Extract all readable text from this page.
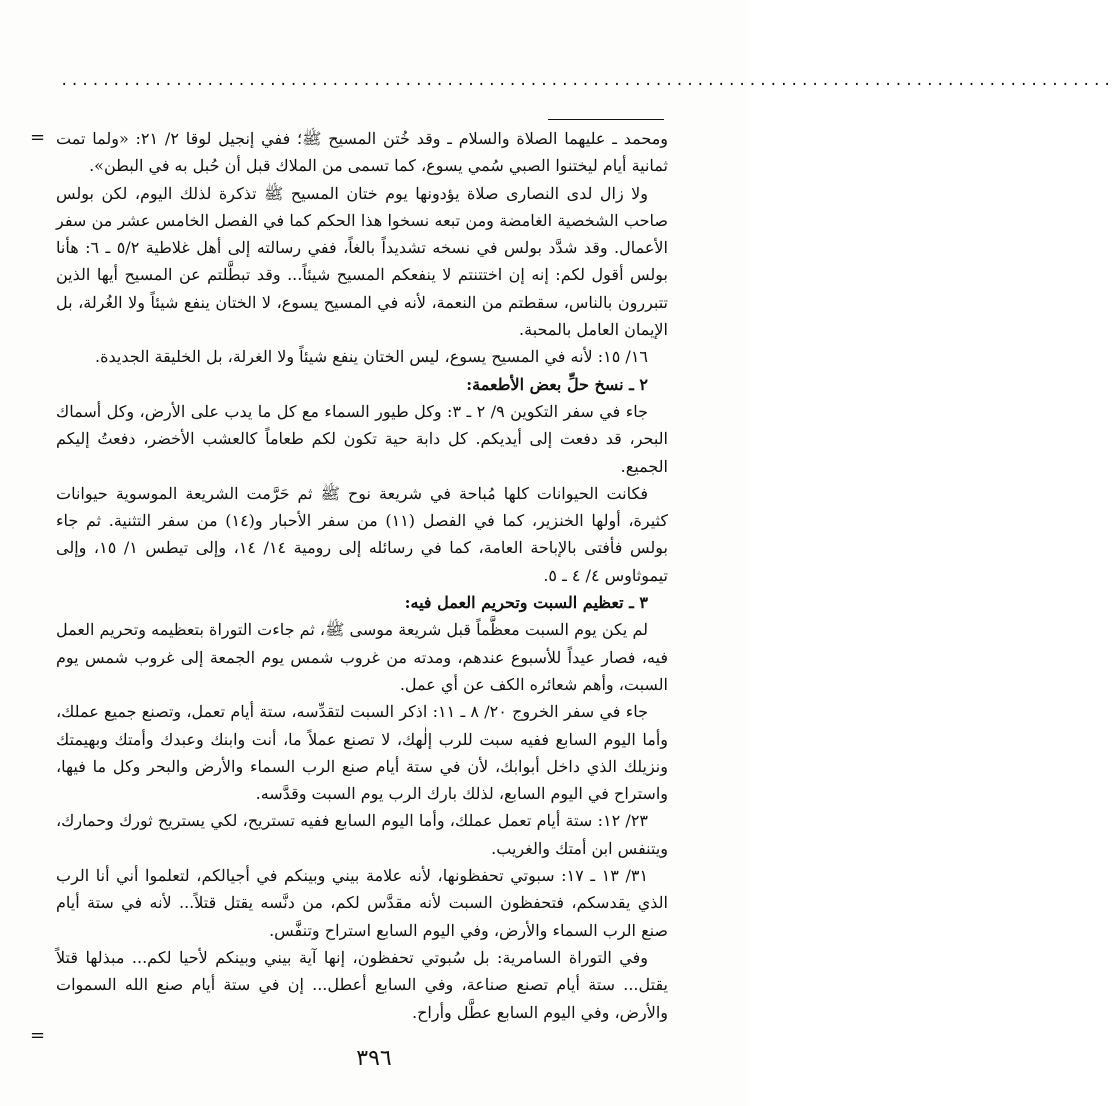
.....................................................................................................
= ومحمد ـ عليهما الصلاة والسلام ـ وقد خُتن المسيح ﷺ؛ ففي إنجيل لوقا ٢/ ٢١: «ولما تمت ثمانية أيام ليختنوا الصبي سُمي يسوع، كما تسمى من الملاك قبل أن حُبل به في البطن».

ولا زال لدى النصارى صلاة يؤدونها يوم ختان المسيح ﷺ تذكرة لذلك اليوم، لكن بولس صاحب الشخصية الغامضة ومن تبعه نسخوا هذا الحكم كما في الفصل الخامس عشر من سفر الأعمال. وقد شدَّد بولس في نسخه تشديداً بالغاً، ففي رسالته إلى أهل غلاطية ٥/٢ ـ ٦: هأنا بولس أقول لكم: إنه إن اختتنتم لا ينفعكم المسيح شيئاً... وقد تبطَّلتم عن المسيح أيها الذين تتبررون بالناس، سقطتم من النعمة، لأنه في المسيح يسوع، لا الختان ينفع شيئاً ولا الغُرلة، بل الإيمان العامل بالمحبة.

١٦/ ١٥: لأنه في المسيح يسوع، ليس الختان ينفع شيئاً ولا الغرلة، بل الخليقة الجديدة.

٢ ـ نسخ حلِّ بعض الأطعمة:

جاء في سفر التكوين ٩/ ٢ ـ ٣: وكل طيور السماء مع كل ما يدب على الأرض، وكل أسماك البحر، قد دفعت إلى أيديكم. كل دابة حية تكون لكم طعاماً كالعشب الأخضر، دفعتُ إليكم الجميع.

فكانت الحيوانات كلها مُباحة في شريعة نوح ﷺ ثم حَرَّمت الشريعة الموسوية حيوانات كثيرة، أولها الخنزير، كما في الفصل (١١) من سفر الأحبار و(١٤) من سفر التثنية. ثم جاء بولس فأفتى بالإباحة العامة، كما في رسائله إلى رومية ١٤/ ١٤، وإلى تيطس ١/ ١٥، وإلى تيموثاوس ٤/ ٤ ـ ٥.

٣ ـ تعظيم السبت وتحريم العمل فيه:

لم يكن يوم السبت معظَّماً قبل شريعة موسى ﷺ، ثم جاءت التوراة بتعظيمه وتحريم العمل فيه، فصار عيداً للأسبوع عندهم، ومدته من غروب شمس يوم الجمعة إلى غروب شمس يوم السبت، وأهم شعائره الكف عن أي عمل.

جاء في سفر الخروج ٢٠/ ٨ ـ ١١: اذكر السبت لتقدِّسه، ستة أيام تعمل، وتصنع جميع عملك، وأما اليوم السابع ففيه سبت للرب إلٰهك، لا تصنع عملاً ما، أنت وابنك وعبدك وأمتك وبهيمتك ونزيلك الذي داخل أبوابك، لأن في ستة أيام صنع الرب السماء والأرض والبحر وكل ما فيها، واستراح في اليوم السابع، لذلك بارك الرب يوم السبت وقدَّسه.

٢٣/ ١٢: ستة أيام تعمل عملك، وأما اليوم السابع ففيه تستريح، لكي يستريح ثورك وحمارك، ويتنفس ابن أمتك والغريب.

٣١/ ١٣ ـ ١٧: سبوتي تحفظونها، لأنه علامة بيني وبينكم في أجيالكم، لتعلموا أني أنا الرب الذي يقدسكم، فتحفظون السبت لأنه مقدَّس لكم، من دنَّسه يقتل قتلاً... لأنه في ستة أيام صنع الرب السماء والأرض، وفي اليوم السابع استراح وتنفَّس.

وفي التوراة السامرية: بل سُبوتي تحفظون، إنها آية بيني وبينكم لأحيا لكم... مبذلها قتلاً يقتل... ستة أيام تصنع صناعة، وفي السابع أعطل... إن في ستة أيام صنع الله السموات والأرض، وفي اليوم السابع عطَّل وأراح.

=
٣٩٦
